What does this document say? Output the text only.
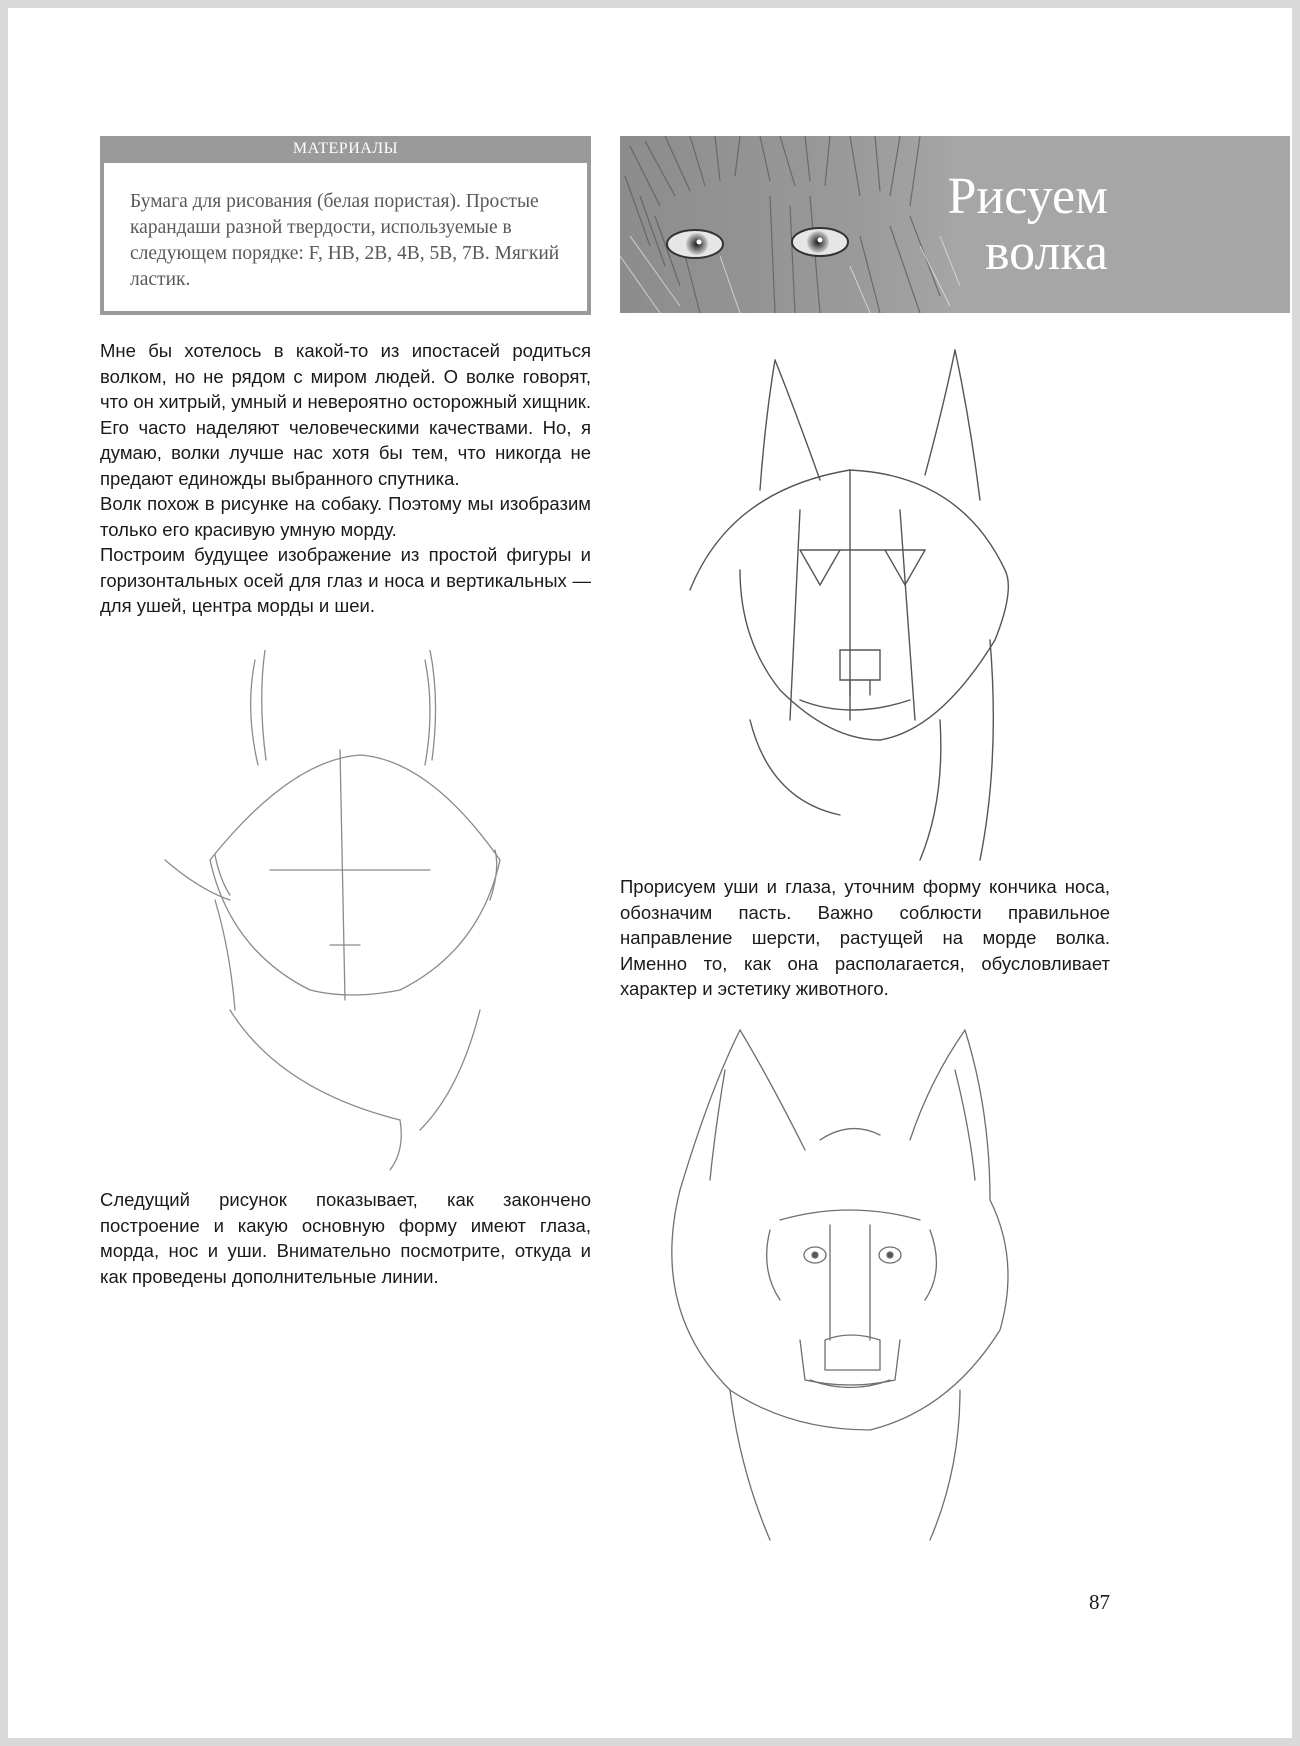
МАТЕРИАЛЫ
Бумага для рисования (белая пористая). Простые карандаши разной твердости, используемые в следующем порядке: F, HB, 2B, 4B, 5B, 7B. Мягкий ластик.
Рисуем
волка

Мне бы хотелось в какой-то из ипостасей родиться волком, но не рядом с миром людей. О волке говорят, что он хитрый, умный и невероятно осторожный хищник. Его часто наделяют человеческими качествами. Но, я думаю, волки лучше нас хотя бы тем, что никогда не предают единожды выбранного спутника.

Волк похож в рисунке на собаку. Поэтому мы изобразим только его красивую умную морду.

Построим будущее изображение из простой фигуры и горизонтальных осей для глаз и носа и вертикальных — для ушей, центра морды и шеи.

Прорисуем уши и глаза, уточним форму кончика носа, обозначим пасть. Важно соблюсти правильное направление шерсти, растущей на морде волка. Именно то, как она располагается, обусловливает характер и эстетику животного.
Следущий рисунок показывает, как закончено построение и какую основную форму имеют глаза, морда, нос и уши. Внимательно посмотрите, откуда и как проведены дополнительные линии.
87
